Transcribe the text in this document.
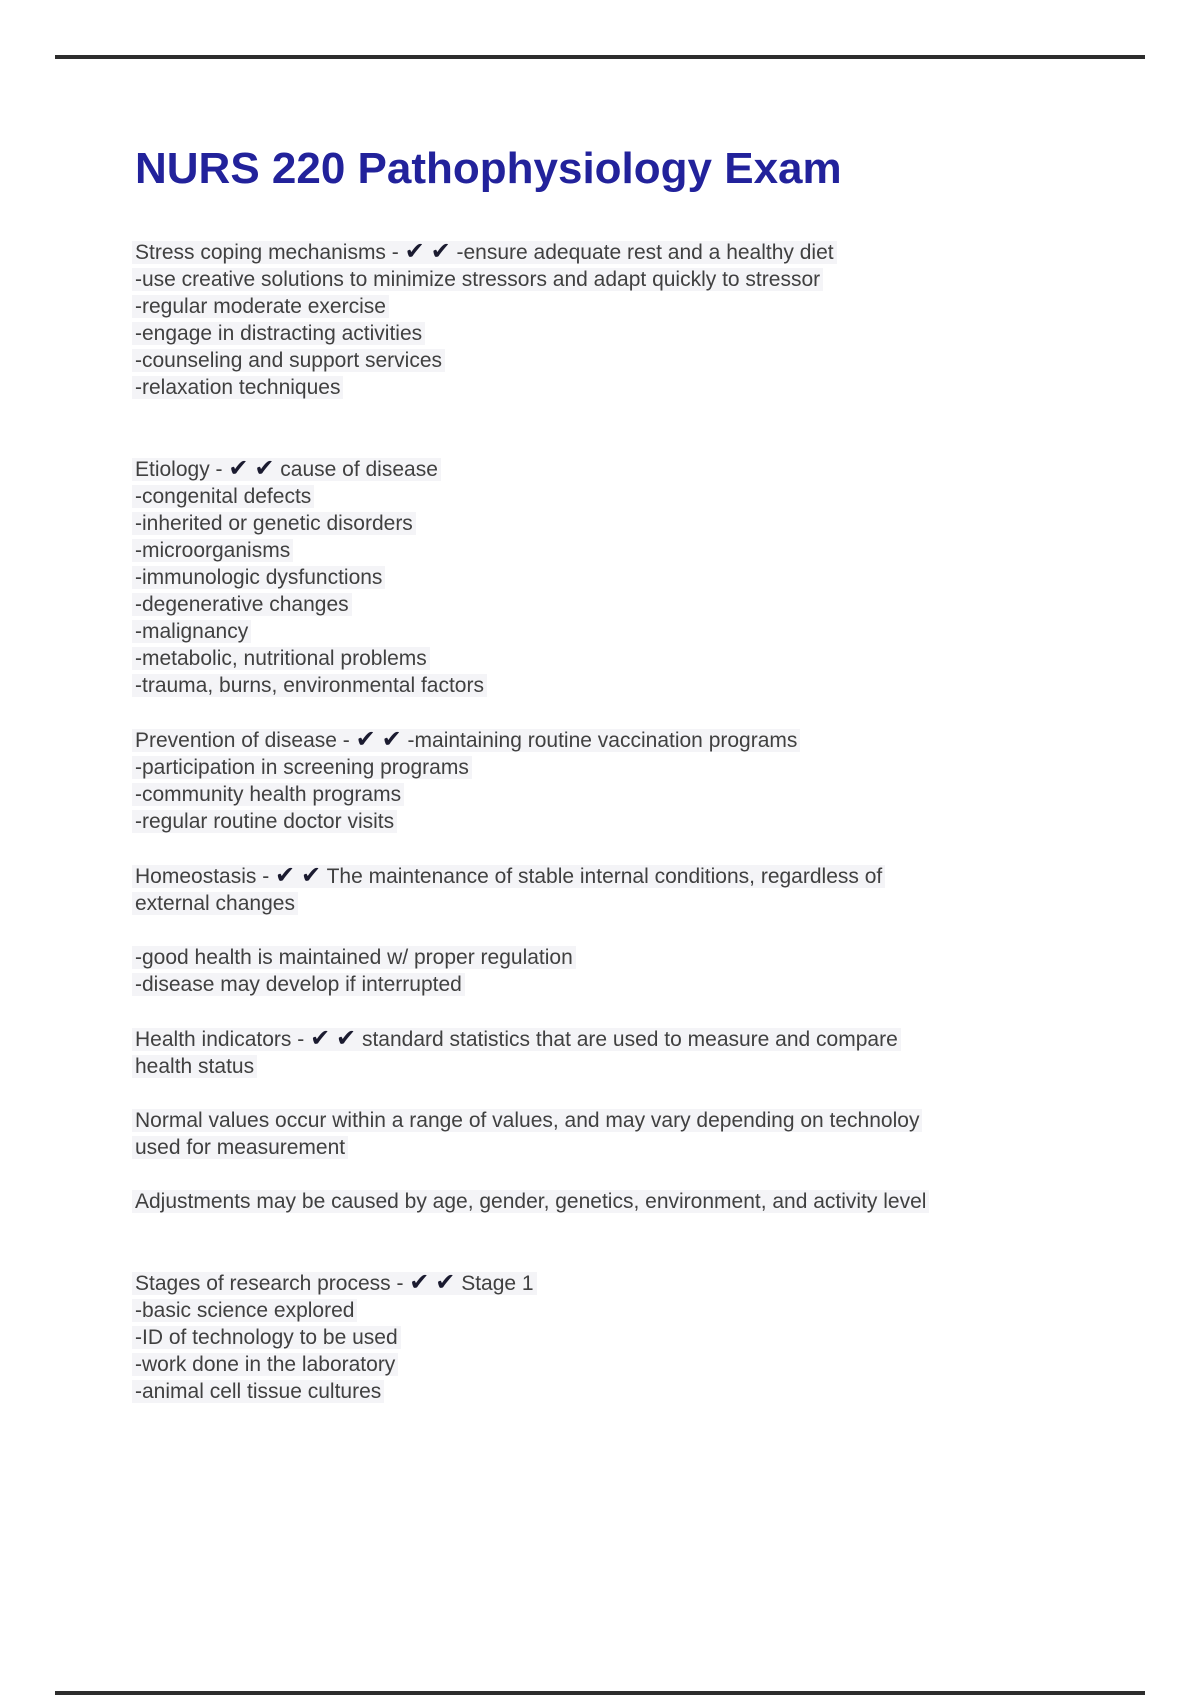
NURS 220 Pathophysiology Exam

Stress coping mechanisms - ✔ ✔ -ensure adequate rest and a healthy diet
-use creative solutions to minimize stressors and adapt quickly to stressor
-regular moderate exercise
-engage in distracting activities
-counseling and support services
-relaxation techniques

Etiology - ✔ ✔ cause of disease
-congenital defects
-inherited or genetic disorders
-microorganisms
-immunologic dysfunctions
-degenerative changes
-malignancy
-metabolic, nutritional problems
-trauma, burns, environmental factors

Prevention of disease - ✔ ✔ -maintaining routine vaccination programs
-participation in screening programs
-community health programs
-regular routine doctor visits

Homeostasis - ✔ ✔ The maintenance of stable internal conditions, regardless of
external changes

-good health is maintained w/ proper regulation
-disease may develop if interrupted

Health indicators - ✔ ✔ standard statistics that are used to measure and compare
health status

Normal values occur within a range of values, and may vary depending on technoloy
used for measurement

Adjustments may be caused by age, gender, genetics, environment, and activity level

Stages of research process - ✔ ✔ Stage 1
-basic science explored
-ID of technology to be used
-work done in the laboratory
-animal cell tissue cultures
